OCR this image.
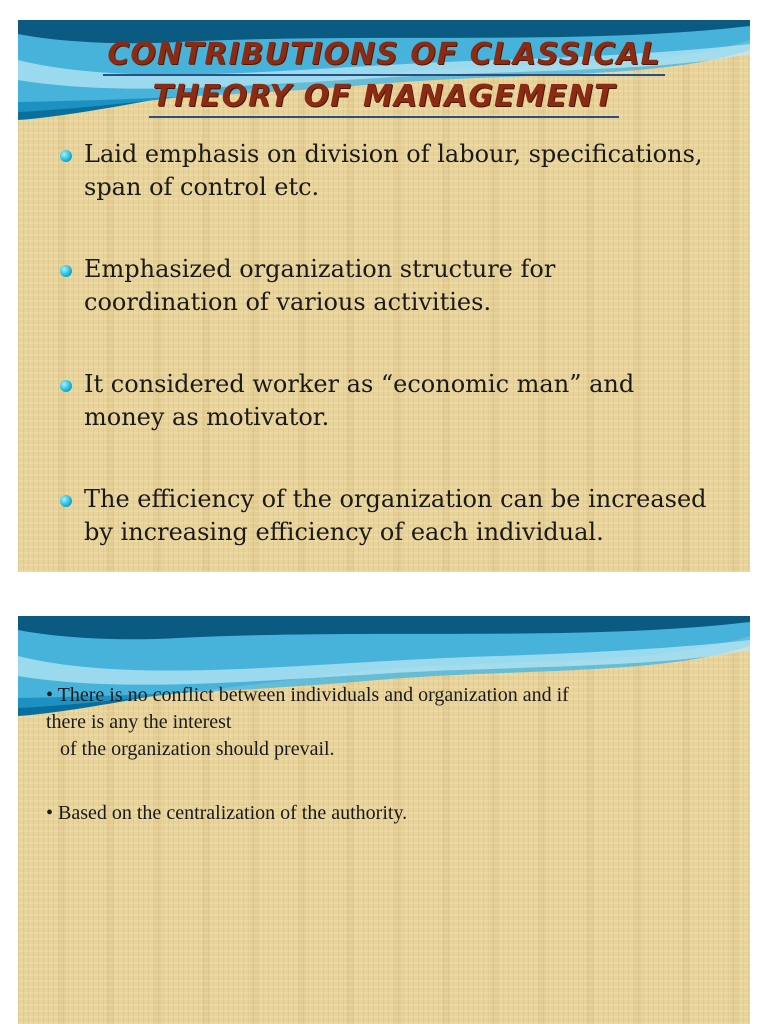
CONTRIBUTIONS OF CLASSICAL
THEORY OF MANAGEMENT
Laid emphasis on division of labour, specifications,
span of control etc.
Emphasized organization structure for
coordination of various activities.
It considered worker as “economic man” and
money as motivator.
The efficiency of the organization can be increased
by increasing efficiency of each individual.

• There is no conflict between individuals and organization and if
there is any the interest
of the organization should prevail.

• Based on the centralization of the authority.
